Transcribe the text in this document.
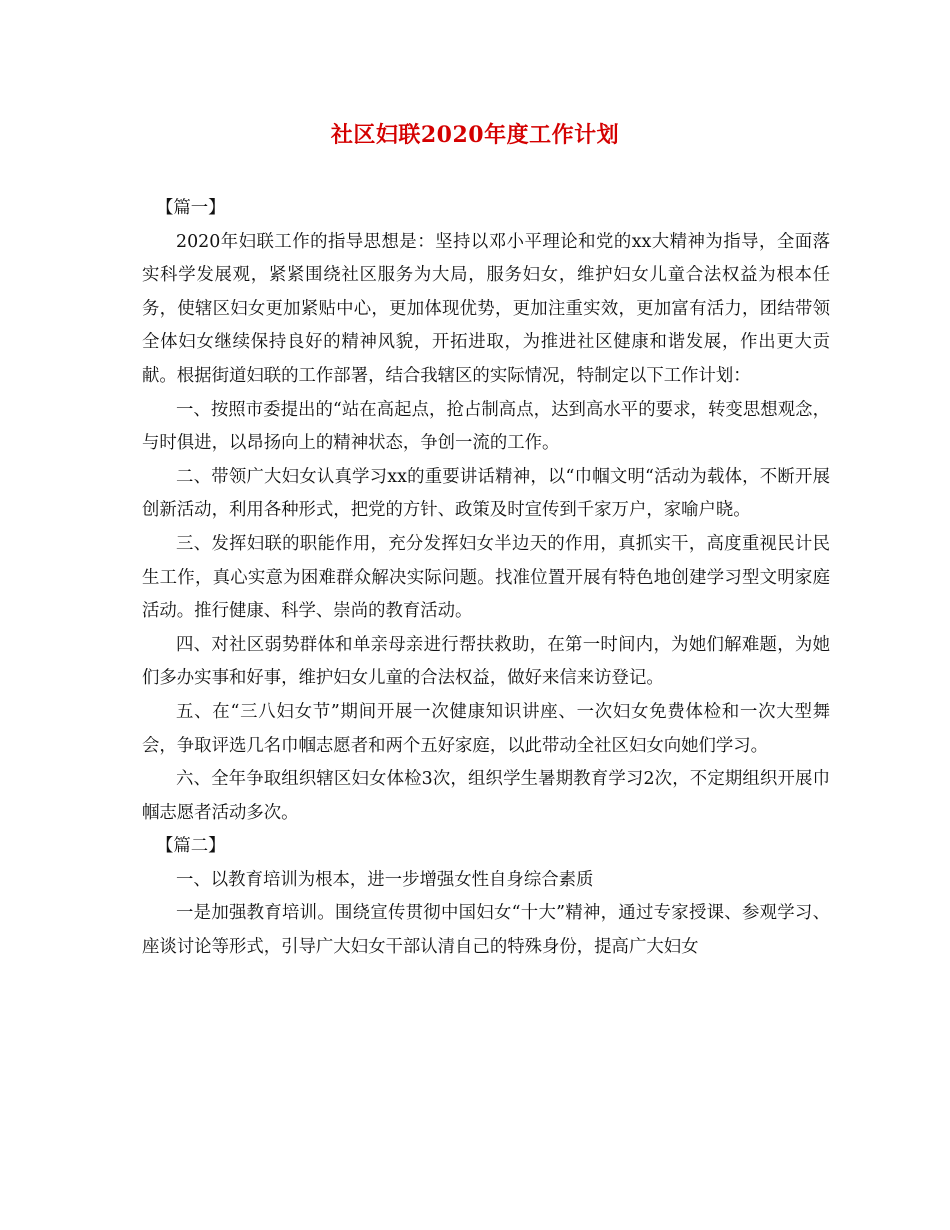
社区妇联2020年度工作计划

【篇一】

2020年妇联工作的指导思想是：坚持以邓小平理论和党的xx大精神为指导，全面落实科学发展观，紧紧围绕社区服务为大局，服务妇女，维护妇女儿童合法权益为根本任务，使辖区妇女更加紧贴中心，更加体现优势，更加注重实效，更加富有活力，团结带领全体妇女继续保持良好的精神风貌，开拓进取，为推进社区健康和谐发展，作出更大贡献。根据街道妇联的工作部署，结合我辖区的实际情况，特制定以下工作计划：

一、按照市委提出的“站在高起点，抢占制高点，达到高水平的要求，转变思想观念，与时俱进，以昂扬向上的精神状态，争创一流的工作。

二、带领广大妇女认真学习xx的重要讲话精神，以“巾帼文明“活动为载体，不断开展创新活动，利用各种形式，把党的方针、政策及时宣传到千家万户，家喻户晓。

三、发挥妇联的职能作用，充分发挥妇女半边天的作用，真抓实干，高度重视民计民生工作，真心实意为困难群众解决实际问题。找准位置开展有特色地创建学习型文明家庭活动。推行健康、科学、崇尚的教育活动。

四、对社区弱势群体和单亲母亲进行帮扶救助，在第一时间内，为她们解难题，为她们多办实事和好事，维护妇女儿童的合法权益，做好来信来访登记。

五、在“三八妇女节”期间开展一次健康知识讲座、一次妇女免费体检和一次大型舞会，争取评选几名巾帼志愿者和两个五好家庭，以此带动全社区妇女向她们学习。

六、全年争取组织辖区妇女体检3次，组织学生暑期教育学习2次，不定期组织开展巾帼志愿者活动多次。

【篇二】

一、以教育培训为根本，进一步增强女性自身综合素质

一是加强教育培训。围绕宣传贯彻中国妇女“十大”精神，通过专家授课、参观学习、座谈讨论等形式，引导广大妇女干部认清自己的特殊身份，提高广大妇女
